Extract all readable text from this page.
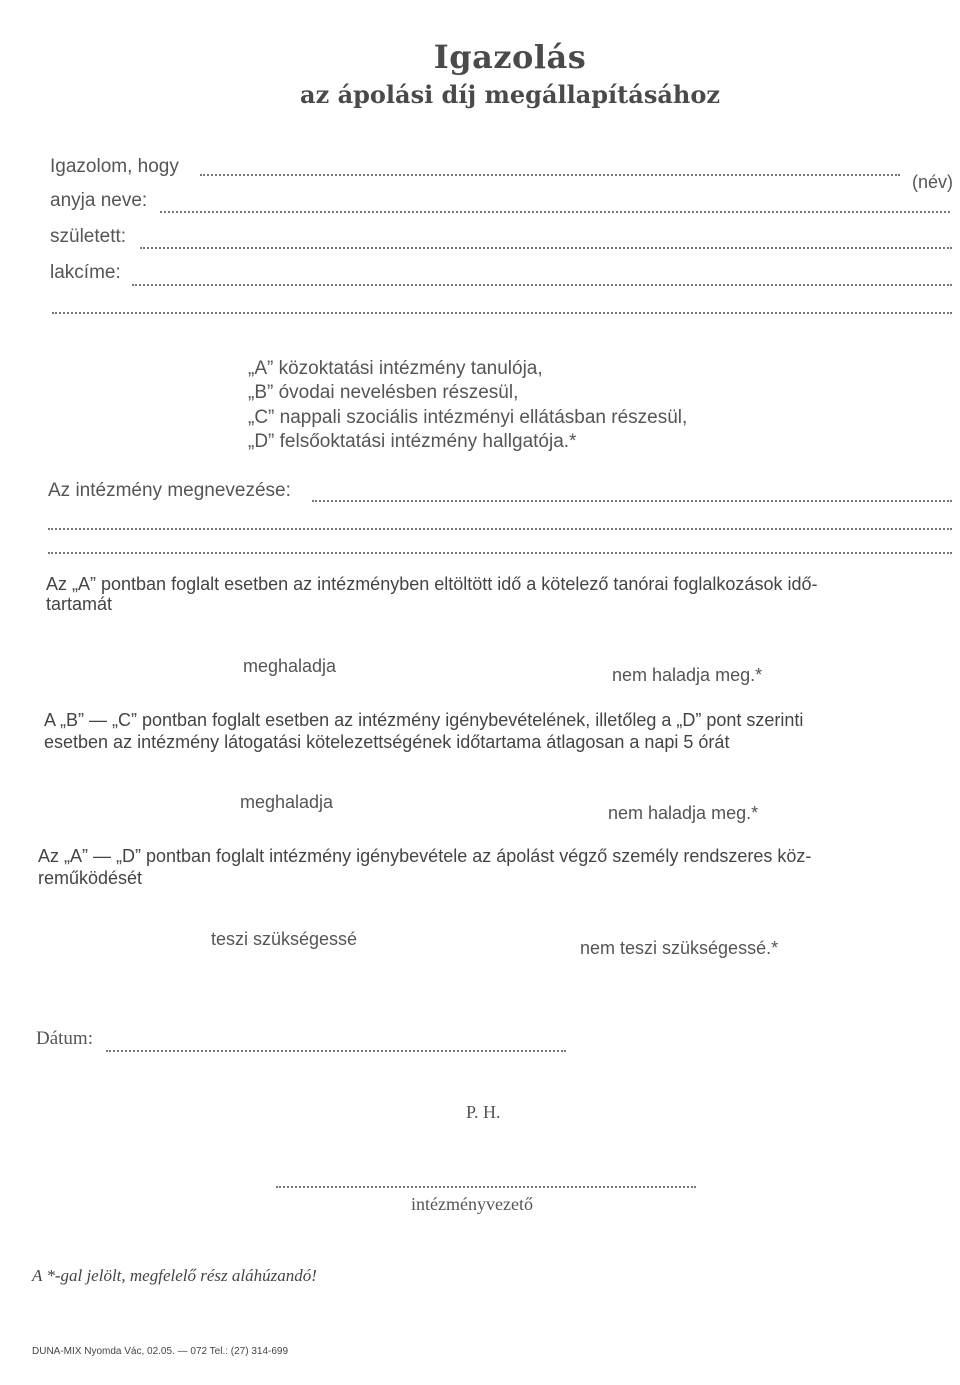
Igazolás
az ápolási díj megállapításához
Igazolom, hogy
(név)
anyja neve:
született:
lakcíme:
„A” közoktatási intézmény tanulója,
„B” óvodai nevelésben részesül,
„C” nappali szociális intézményi ellátásban részesül,
„D” felsőoktatási intézmény hallgatója.*
Az intézmény megnevezése:
Az „A” pontban foglalt esetben az intézményben eltöltött idő a kötelező tanórai foglalkozások idő-
tartamát
meghaladja	nem haladja meg.*
A „B” — „C” pontban foglalt esetben az intézmény igénybevételének, illetőleg a „D” pont szerinti
esetben az intézmény látogatási kötelezettségének időtartama átlagosan a napi 5 órát
meghaladja
nem haladja meg.*
Az „A” — „D” pontban foglalt intézmény igénybevétele az ápolást végző személy rendszeres köz-
reműködését
teszi szükségessé	nem teszi szükségessé.*
Dátum:
P. H.
intézményvezető
A *-gal jelölt, megfelelő rész aláhúzandó!
DUNA-MIX Nyomda Vác, 02.05. — 072 Tel.: (27) 314-699
